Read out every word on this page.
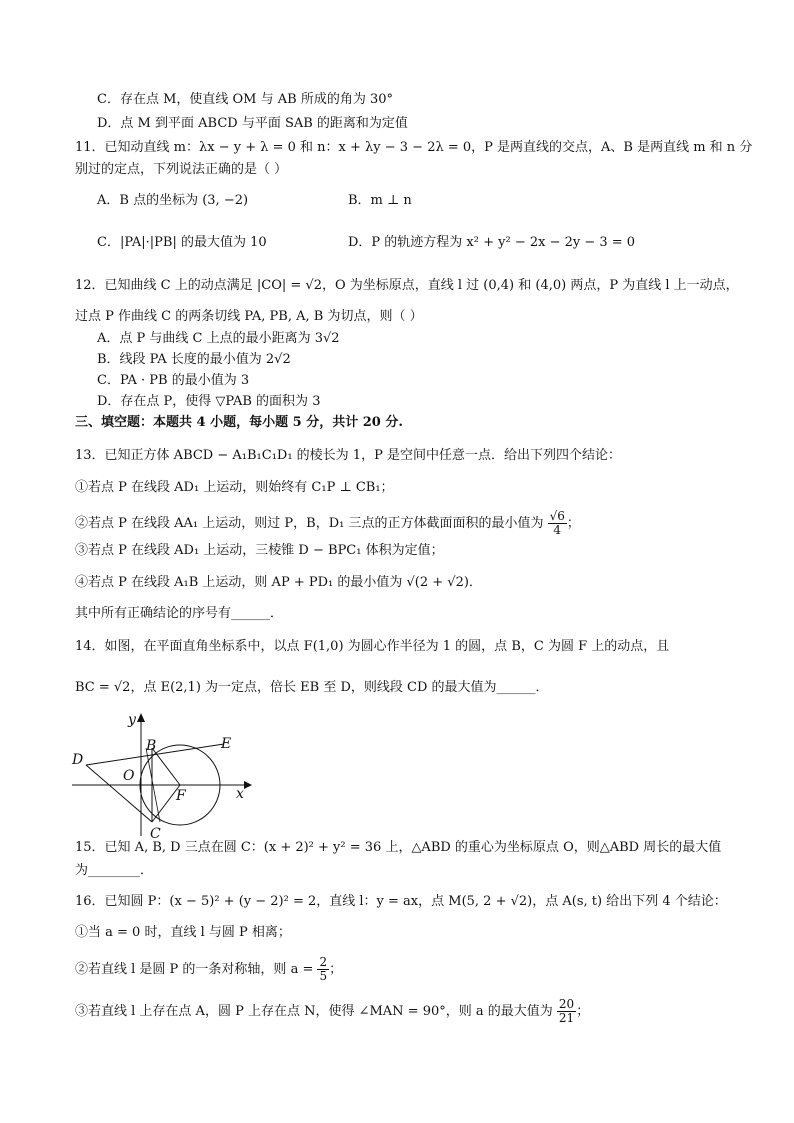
C．存在点 M，使直线 OM 与 AB 所成的角为 30°
D．点 M 到平面 ABCD 与平面 SAB 的距离和为定值
11．已知动直线 m：λx − y + λ = 0 和 n：x + λy − 3 − 2λ = 0，P 是两直线的交点，A、B 是两直线 m 和 n 分
别过的定点，下列说法正确的是（ ）
A．B 点的坐标为 (3, −2)	B．m ⊥ n
C．|PA|·|PB| 的最大值为 10	D．P 的轨迹方程为 x² + y² − 2x − 2y − 3 = 0
12．已知曲线 C 上的动点满足 |CO| = √2，O 为坐标原点，直线 l 过 (0,4) 和 (4,0) 两点，P 为直线 l 上一动点，
过点 P 作曲线 C 的两条切线 PA, PB, A, B 为切点，则（ ）
A．点 P 与曲线 C 上点的最小距离为 3√2
B．线段 PA 长度的最小值为 2√2
C．PA · PB 的最小值为 3
D．存在点 P，使得 ▽PAB 的面积为 3
三、填空题：本题共 4 小题，每小题 5 分，共计 20 分.
13．已知正方体 ABCD − A₁B₁C₁D₁ 的棱长为 1，P 是空间中任意一点．给出下列四个结论：
①若点 P 在线段 AD₁ 上运动，则始终有 C₁P ⊥ CB₁；
②若点 P 在线段 AA₁ 上运动，则过 P，B，D₁ 三点的正方体截面面积的最小值为 $\frac{√6}{4}$ ；
③若点 P 在线段 AD₁ 上运动，三棱锥 D − BPC₁ 体积为定值；
④若点 P 在线段 A₁B 上运动，则 AP + PD₁ 的最小值为 √(2 + √2)．
其中所有正确结论的序号有______．
14．如图，在平面直角坐标系中，以点 F(1,0) 为圆心作半径为 1 的圆，点 B，C 为圆 F 上的动点，且
BC = √2，点 E(2,1) 为一定点，倍长 EB 至 D，则线段 CD 的最大值为______．
y
x
O
B	E
D
F
C
15．已知 A, B, D 三点在圆 C：(x + 2)² + y² = 36 上，△ABD 的重心为坐标原点 O，则△ABD 周长的最大值
为________．
16．已知圆 P：(x − 5)² + (y − 2)² = 2，直线 l：y = ax，点 M(5, 2 + √2)，点 A(s, t) 给出下列 4 个结论：
①当 a = 0 时，直线 l 与圆 P 相离；
②若直线 l 是圆 P 的一条对称轴，则 $a = \frac{2}{5}$ ；
③若直线 l 上存在点 A，圆 P 上存在点 N，使得 ∠MAN = 90°，则 a 的最大值为 $\frac{20}{21}$ ；
